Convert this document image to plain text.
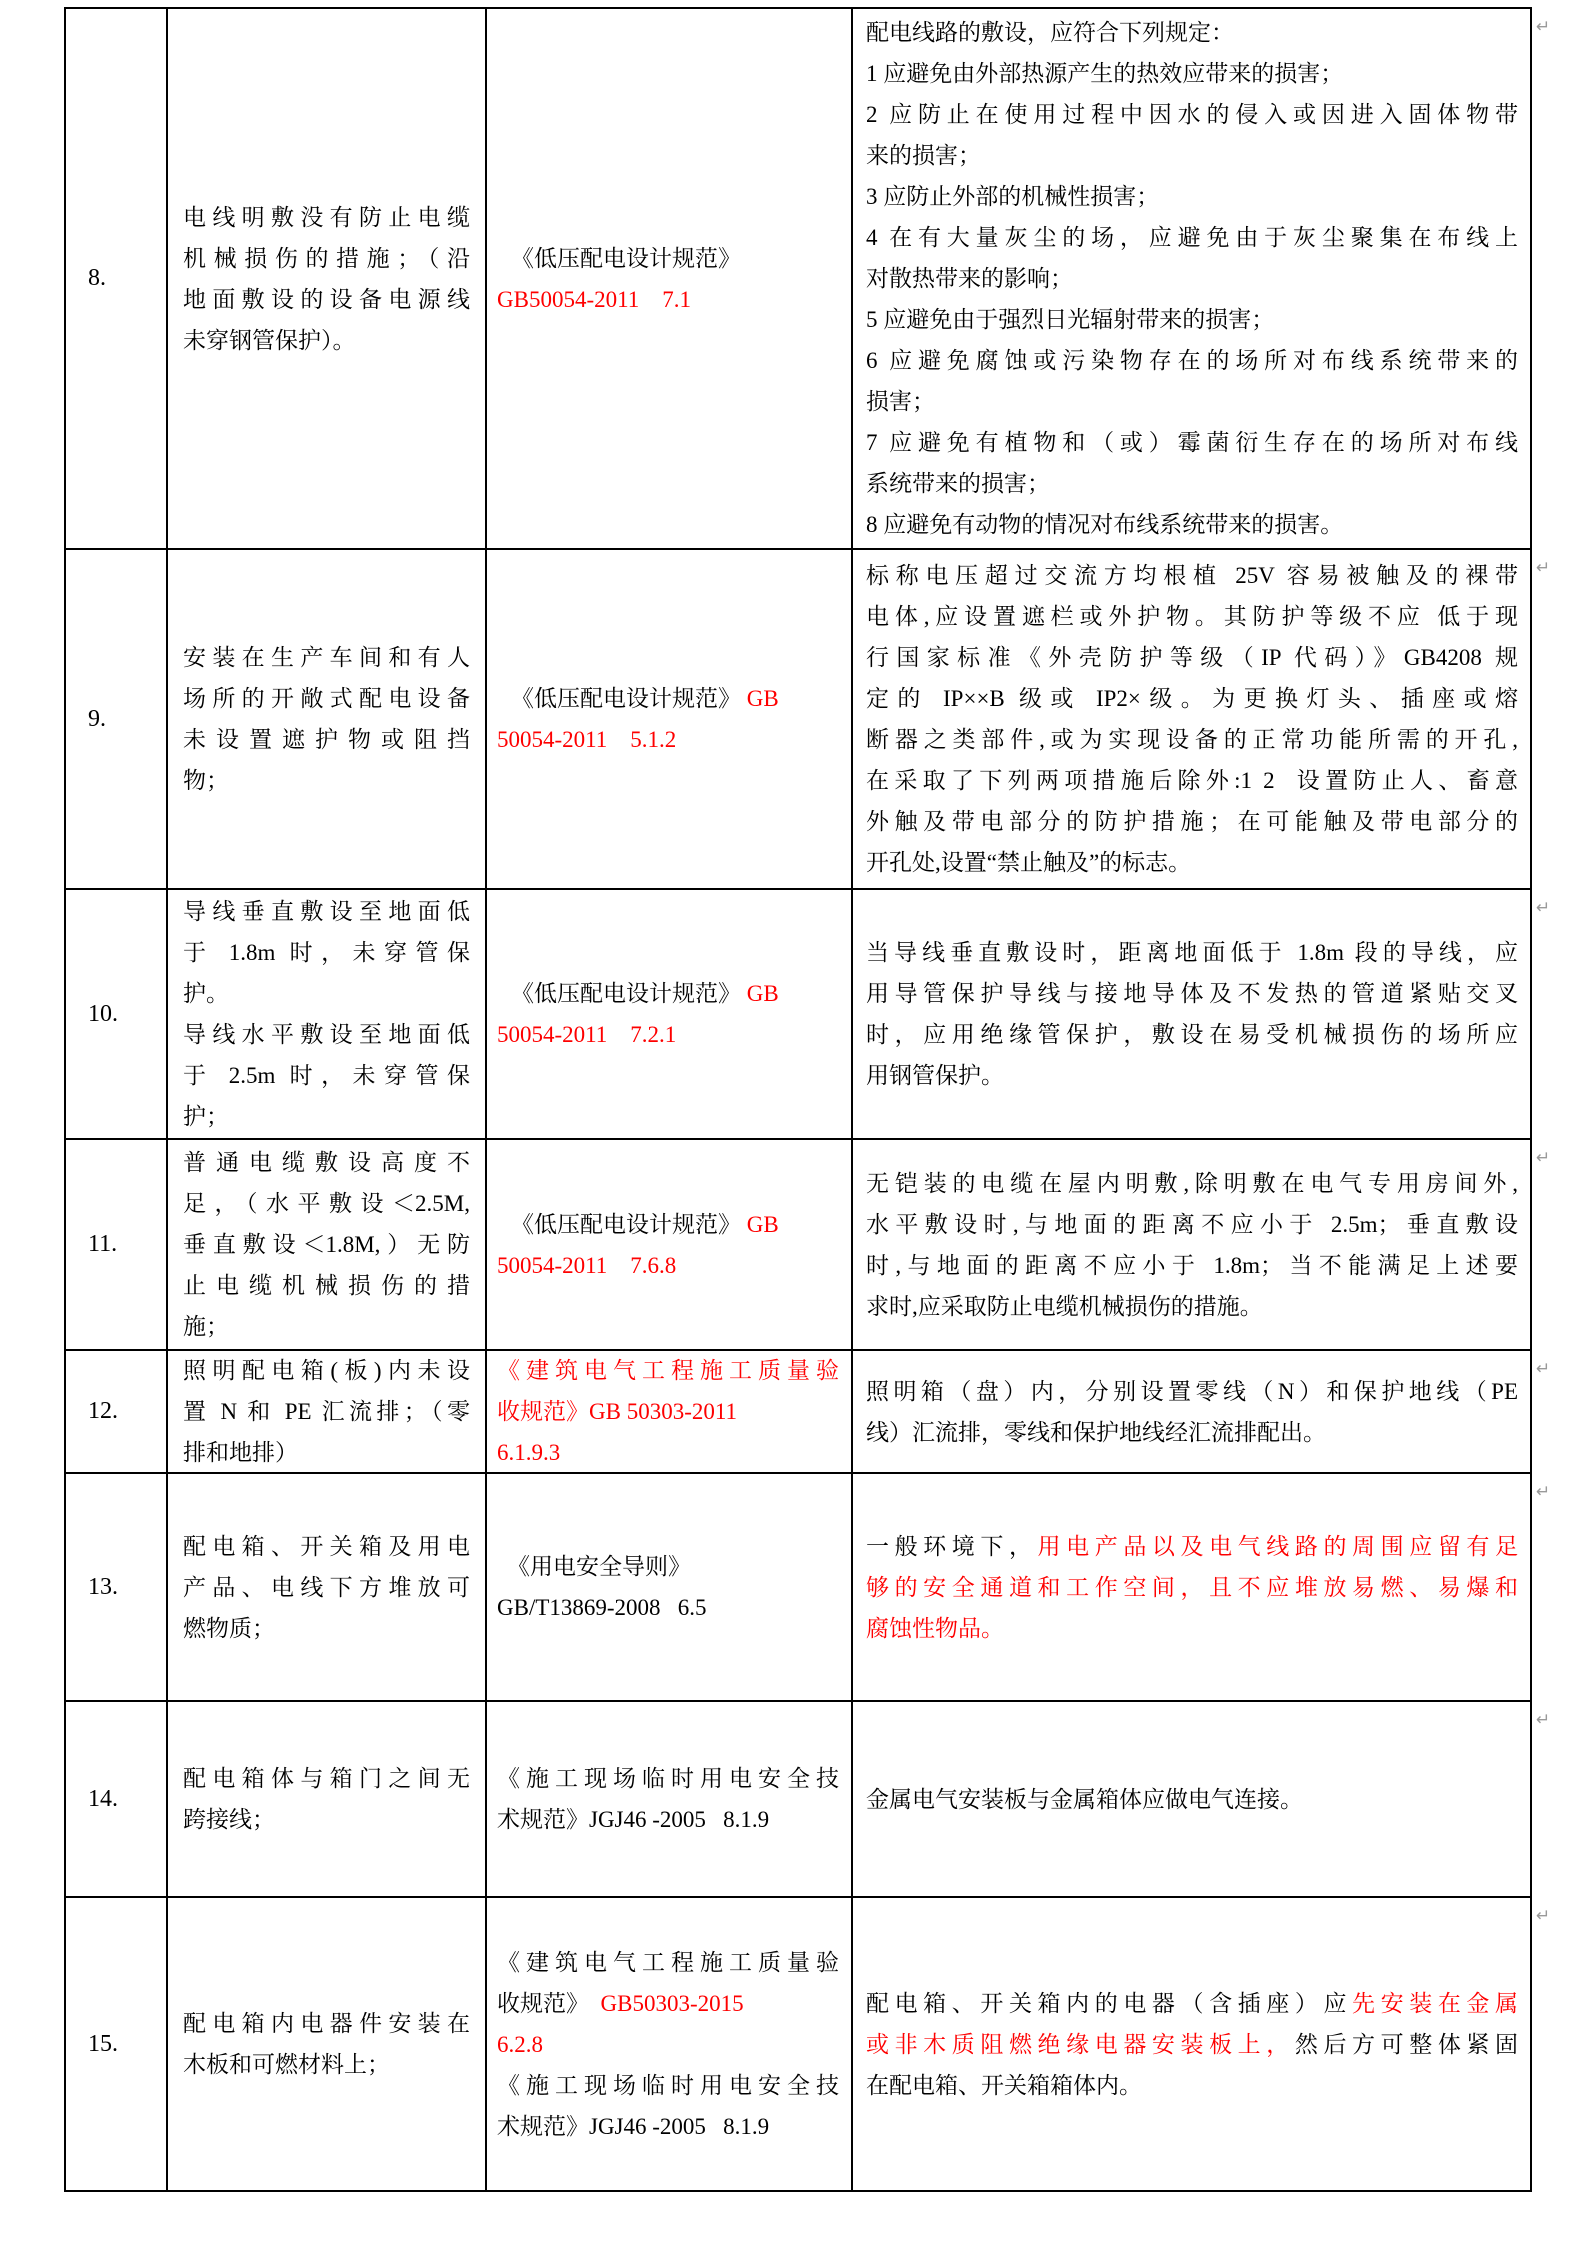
8.
电线明敷没有防止电缆
机械损伤的措施；（沿
地面敷设的设备电源线
未穿钢管保护）。
《低压配电设计规范》
GB50054-2011    7.1
配电线路的敷设，应符合下列规定：
1 应避免由外部热源产生的热效应带来的损害；
2 应防止在使用过程中因水的侵入或因进入固体物带
来的损害；
3 应防止外部的机械性损害；
4 在有大量灰尘的场，应避免由于灰尘聚集在布线上
对散热带来的影响；
5 应避免由于强烈日光辐射带来的损害；
6 应避免腐蚀或污染物存在的场所对布线系统带来的
损害；
7 应避免有植物和（或）霉菌衍生存在的场所对布线
系统带来的损害；
8 应避免有动物的情况对布线系统带来的损害。
9.
安装在生产车间和有人
场所的开敞式配电设备
未设置遮护物或阻挡
物；
《低压配电设计规范》 GB
50054-2011    5.1.2
标称电压超过交流方均根植 25V 容易被触及的裸带
电体,应设置遮栏或外护物。其防护等级不应 低于现
行国家标准《外壳防护等级（IP 代码）》GB4208 规
定的 IP××B 级或 IP2×级。为更换灯头、插座或熔
断器之类部件,或为实现设备的正常功能所需的开孔,
在采取了下列两项措施后除外:1 2  设置防止人、畜意
外触及带电部分的防护措施；在可能触及带电部分的
开孔处,设置“禁止触及”的标志。
10.
导线垂直敷设至地面低
于 1.8m 时，未穿管保
护。
导线水平敷设至地面低
于 2.5m 时，未穿管保
护；
《低压配电设计规范》 GB
50054-2011    7.2.1
当导线垂直敷设时，距离地面低于 1.8m 段的导线，应
用导管保护导线与接地导体及不发热的管道紧贴交叉
时，应用绝缘管保护，敷设在易受机械损伤的场所应
用钢管保护。
11.
普通电缆敷设高度不
足，（水平敷设＜2.5M,
垂直敷设＜1.8M,）无防
止电缆机械损伤的措
施；
《低压配电设计规范》 GB
50054-2011    7.6.8
无铠装的电缆在屋内明敷,除明敷在电气专用房间外,
水平敷设时,与地面的距离不应小于 2.5m；垂直敷设
时,与地面的距离不应小于 1.8m；当不能满足上述要
求时,应采取防止电缆机械损伤的措施。
12.
照明配电箱(板)内未设
置 N 和 PE 汇流排；（零
排和地排）
《建筑电气工程施工质量验
收规范》GB 50303-2011
6.1.9.3
照明箱（盘）内，分别设置零线（N）和保护地线（PE
线）汇流排，零线和保护地线经汇流排配出。
13.
配电箱、开关箱及用电
产品、电线下方堆放可
燃物质；
《用电安全导则》
GB/T13869-2008   6.5
一般环境下，用电产品以及电气线路的周围应留有足
够的安全通道和工作空间，且不应堆放易燃、易爆和
腐蚀性物品。
14.
配电箱体与箱门之间无
跨接线；
《施工现场临时用电安全技
术规范》JGJ46 -2005   8.1.9
金属电气安装板与金属箱体应做电气连接。
15.
配电箱内电器件安装在
木板和可燃材料上；
《建筑电气工程施工质量验
收规范》  GB50303-2015
6.2.8
《施工现场临时用电安全技
术规范》JGJ46 -2005   8.1.9
配电箱、开关箱内的电器（含插座）应先安装在金属
或非木质阻燃绝缘电器安装板上，然后方可整体紧固
在配电箱、开关箱箱体内。
↵
↵
↵
↵
↵
↵
↵
↵
